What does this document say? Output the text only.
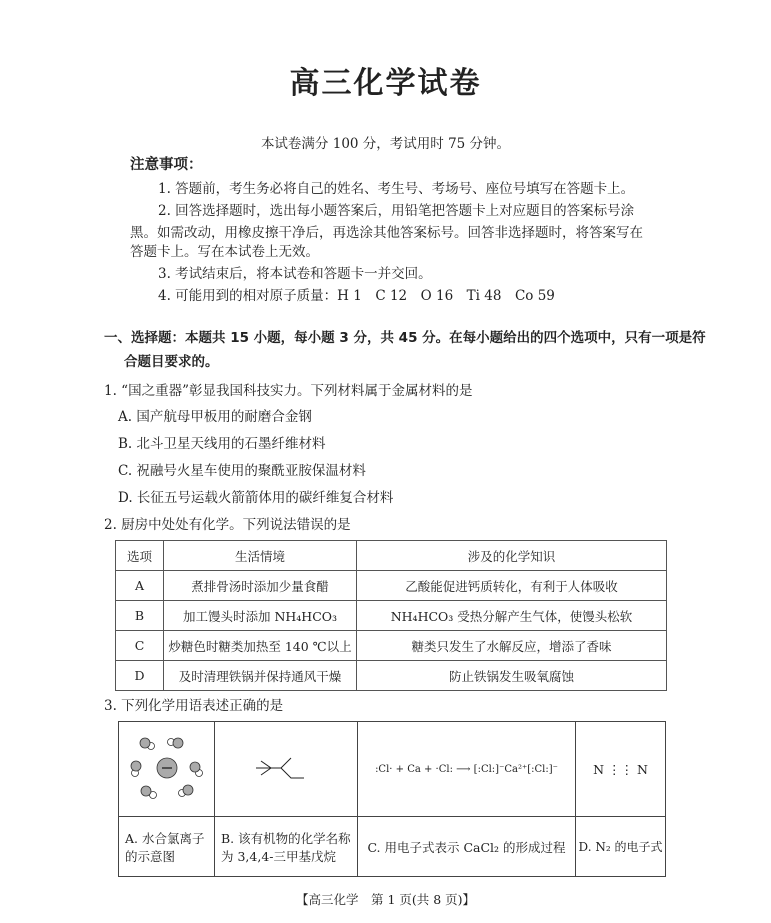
高三化学试卷
本试卷满分 100 分，考试用时 75 分钟。
注意事项：
1. 答题前，考生务必将自己的姓名、考生号、考场号、座位号填写在答题卡上。
2. 回答选择题时，选出每小题答案后，用铅笔把答题卡上对应题目的答案标号涂
黑。如需改动，用橡皮擦干净后，再选涂其他答案标号。回答非选择题时，将答案写在
答题卡上。写在本试卷上无效。
3. 考试结束后，将本试卷和答题卡一并交回。
4. 可能用到的相对原子质量：H 1　C 12　O 16　Ti 48　Co 59
一、选择题：本题共 15 小题，每小题 3 分，共 45 分。在每小题给出的四个选项中，只有一项是符
合题目要求的。
1. “国之重器”彰显我国科技实力。下列材料属于金属材料的是
A. 国产航母甲板用的耐磨合金钢
B. 北斗卫星天线用的石墨纤维材料
C. 祝融号火星车使用的聚酰亚胺保温材料
D. 长征五号运载火箭箭体用的碳纤维复合材料
2. 厨房中处处有化学。下列说法错误的是
选项	生活情境	涉及的化学知识
A	煮排骨汤时添加少量食醋	乙酸能促进钙质转化，有利于人体吸收
B	加工馒头时添加 NH₄HCO₃	NH₄HCO₃ 受热分解产生气体，使馒头松软
C	炒糖色时糖类加热至 140 ℃以上	糖类只发生了水解反应，增添了香味
D	及时清理铁锅并保持通风干燥	防止铁锅发生吸氧腐蚀
3. 下列化学用语表述正确的是
		:Cl· + Ca + ·Cl: ⟶ [:Cl:]⁻Ca²⁺[:Cl:]⁻	N ⋮⋮ N
A. 水合氯离子的示意图	B. 该有机物的化学名称为 3,4,4-三甲基戊烷	C. 用电子式表示 CaCl₂ 的形成过程	D. N₂ 的电子式
【高三化学　第 1 页(共 8 页)】
